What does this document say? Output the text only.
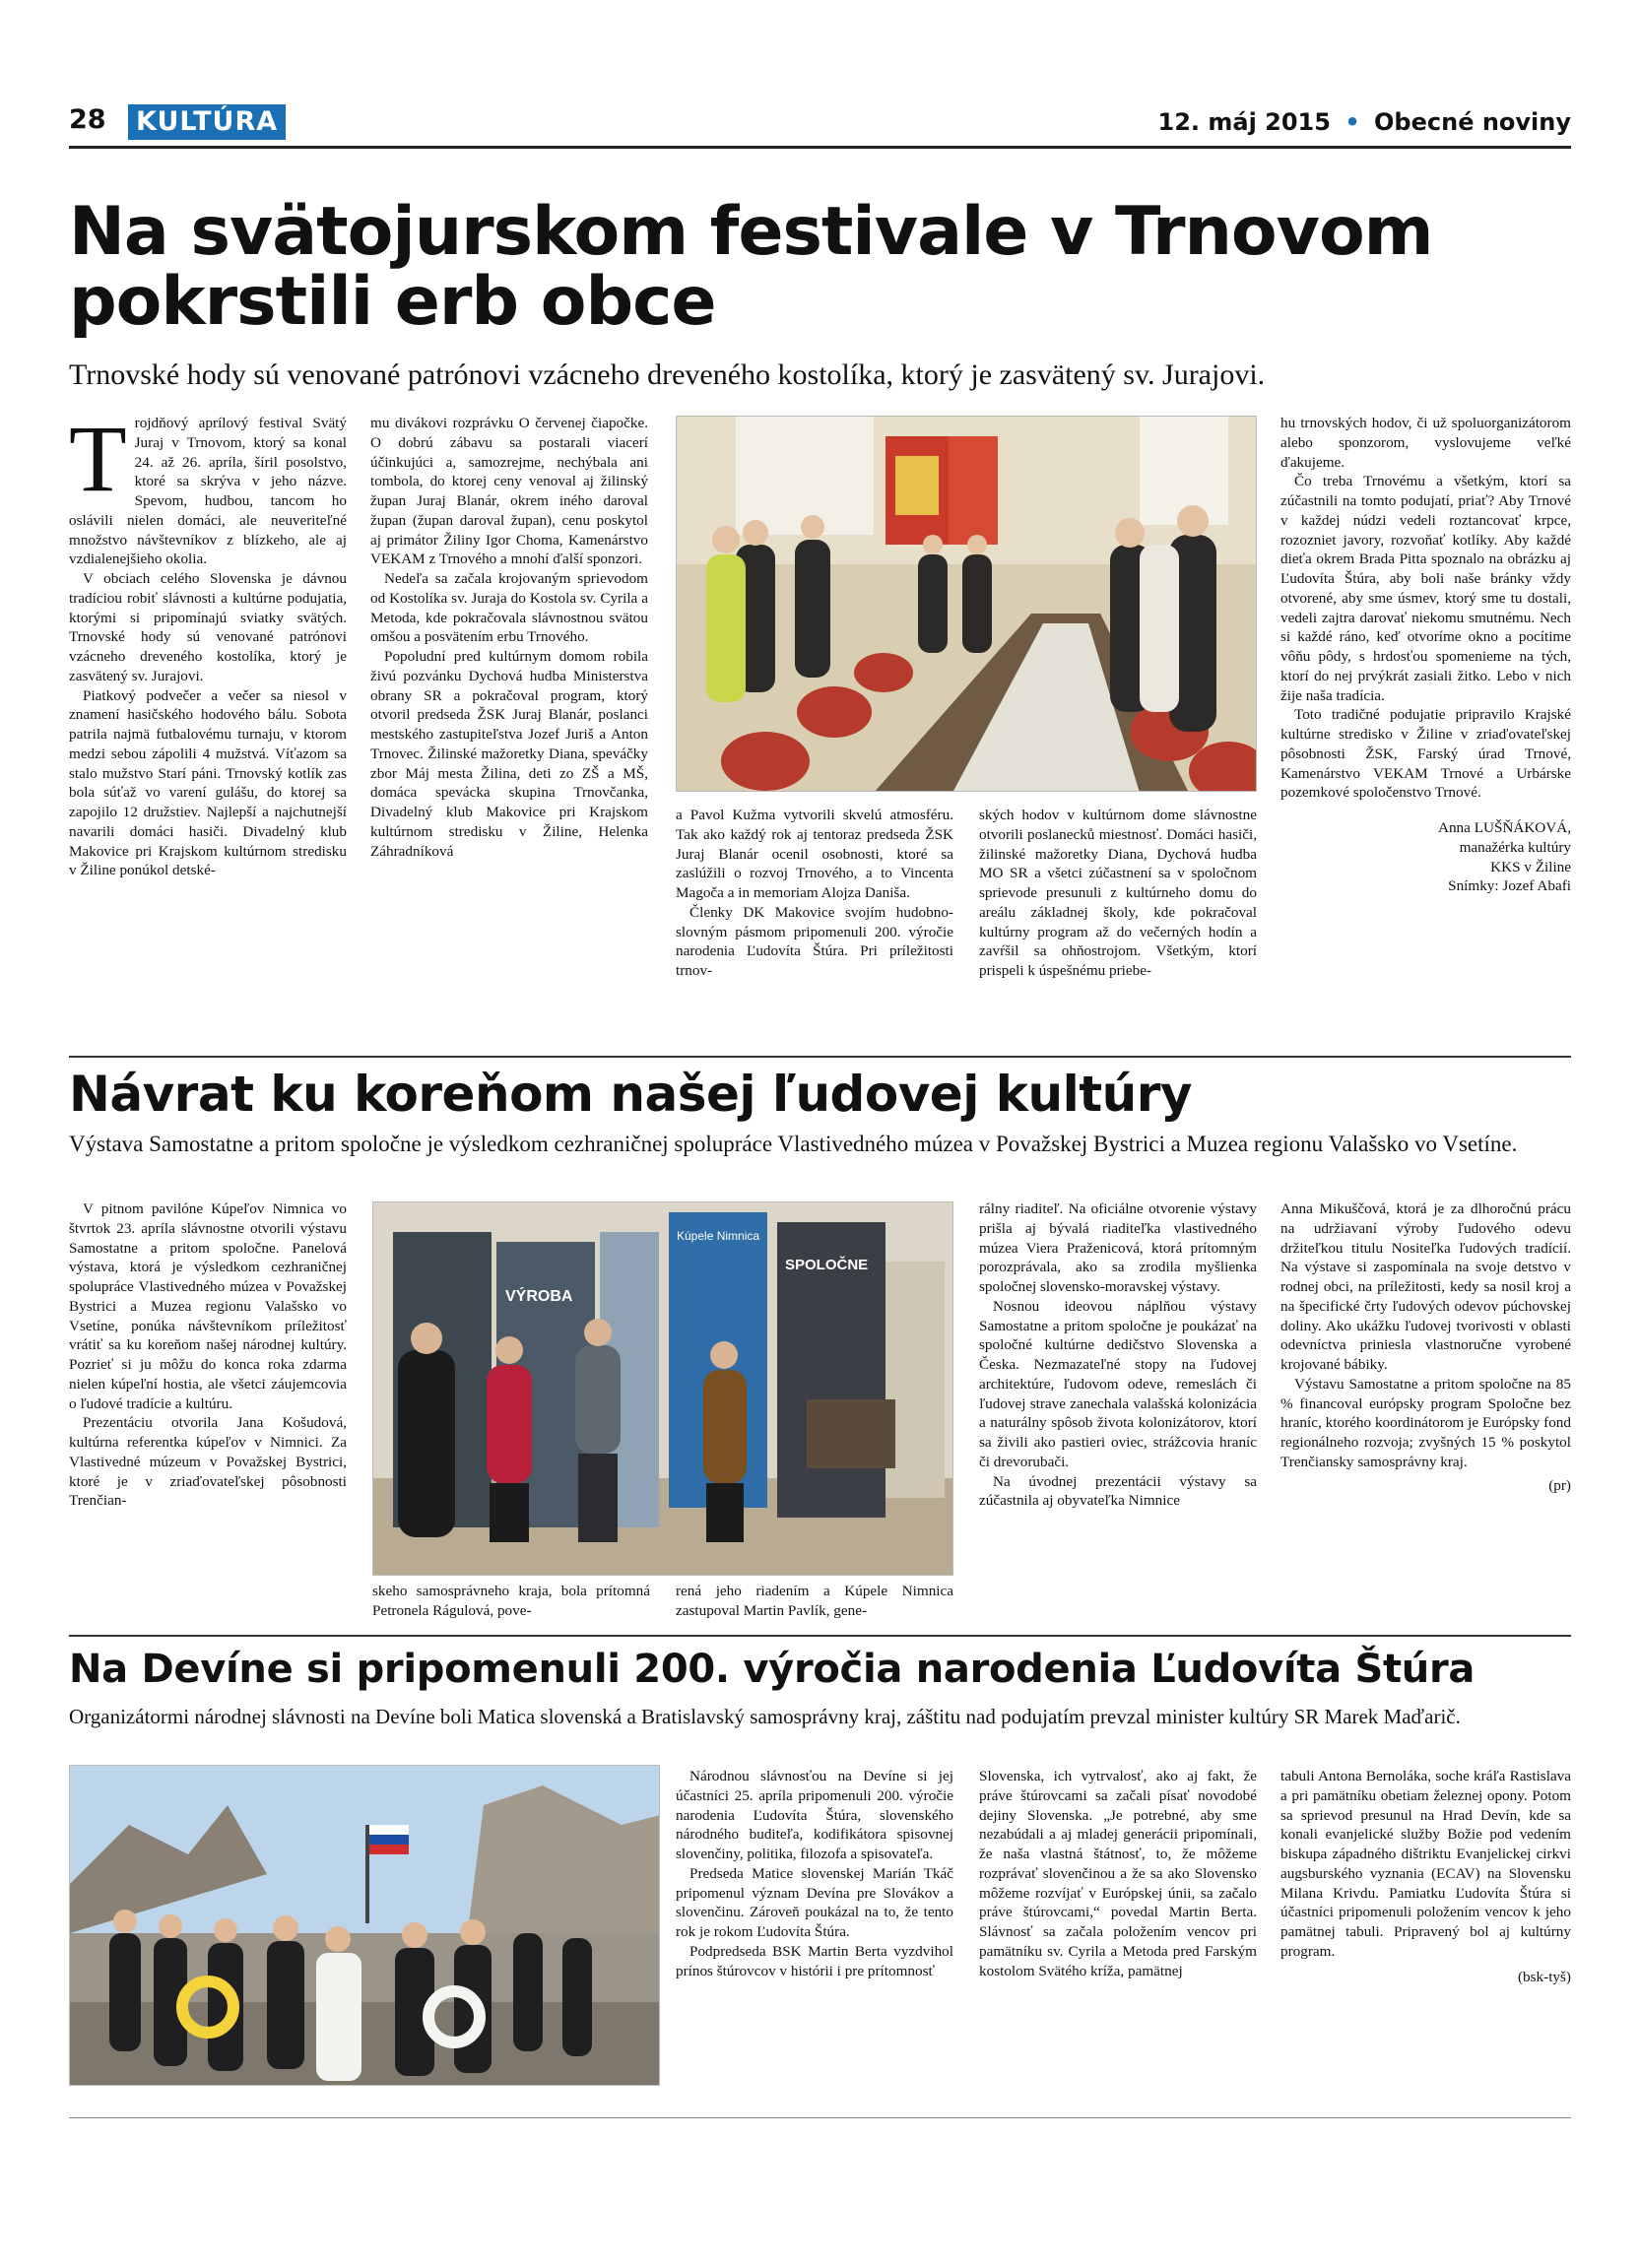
28 KULTÚRA	12. máj 2015 • Obecné noviny
Na svätojurskom festivale v Trnovom
pokrstili erb obce
Trnovské hody sú venované patrónovi vzácneho dreveného kostolíka, ktorý je zasvätený sv. Jurajovi.
T rojdňový aprílový festival Svätý Juraj v Trnovom, ktorý sa konal 24. až 26. apríla, šíril posolstvo, ktoré sa skrýva v jeho názve. Spevom, hudbou, tancom ho oslávili nielen domáci, ale neuveriteľné množstvo návštevníkov z blízkeho, ale aj vzdialenejšieho okolia.

V obciach celého Slovenska je dávnou tradíciou robiť slávnosti a kultúrne podujatia, ktorými si pripomínajú sviatky svätých. Trnovské hody sú venované patrónovi vzácneho dreveného kostolíka, ktorý je zasvätený sv. Jurajovi.

Piatkový podvečer a večer sa niesol v znamení hasičského hodového bálu. Sobota patrila najmä futbalovému turnaju, v ktorom medzi sebou zápolili 4 mužstvá. Víťazom sa stalo mužstvo Starí páni. Trnovský kotlík zas bola súťaž vo varení gulášu, do ktorej sa zapojilo 12 družstiev. Najlepší a najchutnejší navarili domáci hasiči. Divadelný klub Makovice pri Krajskom kultúrnom stredisku v Žiline ponúkol detské-

mu divákovi rozprávku O červenej čiapočke. O dobrú zábavu sa postarali viacerí účinkujúci a, samozrejme, nechýbala ani tombola, do ktorej ceny venoval aj žilinský župan Juraj Blanár, okrem iného daroval župan (župan daroval župan), cenu poskytol aj primátor Žiliny Igor Choma, Kamenárstvo VEKAM z Trnového a mnohí ďalší sponzori.

Nedeľa sa začala krojovaným sprievodom od Kostolíka sv. Juraja do Kostola sv. Cyrila a Metoda, kde pokračovala slávnostnou svätou omšou a posvätením erbu Trnového.

Popoludní pred kultúrnym domom robila živú pozvánku Dychová hudba Ministerstva obrany SR a pokračoval program, ktorý otvoril predseda ŽSK Juraj Blanár, poslanci mestského zastupiteľstva Jozef Juriš a Anton Trnovec. Žilinské mažoretky Diana, speváčky zbor Máj mesta Žilina, deti zo ZŠ a MŠ, domáca spevácka skupina Trnovčanka, Divadelný klub Makovice pri Krajskom kultúrnom stredisku v Žiline, Helenka Záhradníková

a Pavol Kužma vytvorili skvelú atmosféru. Tak ako každý rok aj tentoraz predseda ŽSK Juraj Blanár ocenil osobnosti, ktoré sa zaslúžili o rozvoj Trnového, a to Vincenta Magoča a in memoriam Alojza Danišа.

Členky DK Makovice svojím hudobno-slovným pásmom pripomenuli 200. výročie narodenia Ľudovíta Štúra. Pri príležitosti trnov-

ských hodov v kultúrnom dome slávnostne otvorili poslanecků miestnosť. Domáci hasiči, žilinské mažoretky Diana, Dychová hudba MO SR a všetci zúčastnení sa v spoločnom sprievode presunuli z kultúrneho domu do areálu základnej školy, kde pokračoval kultúrny program až do večerných hodín a zavŕšil sa ohňostrojom. Všetkým, ktorí prispeli k úspešnému priebe-

hu trnovských hodov, či už spoluorganizátorom alebo sponzorom, vyslovujeme veľké ďakujeme.

Čo treba Trnovému a všetkým, ktorí sa zúčastnili na tomto podujatí, priať? Aby Trnové v každej núdzi vedeli roztancovať krpce, rozozniet javory, rozvoňať kotlíky. Aby každé dieťa okrem Brada Pitta spoznalo na obrázku aj Ľudovíta Štúra, aby boli naše bránky vždy otvorené, aby sme úsmev, ktorý sme tu dostali, vedeli zajtra darovať niekomu smutnému. Nech si každé ráno, keď otvoríme okno a pocítime vôňu pôdy, s hrdosťou spomenieme na tých, ktorí do nej prvýkrát zasiali žitko. Lebo v nich žije naša tradícia.

Toto tradičné podujatie pripravilo Krajské kultúrne stredisko v Žiline v zriaďovateľskej pôsobnosti ŽSK, Farský úrad Trnové, Kamenárstvo VEKAM Trnové a Urbárske pozemkové spoločenstvo Trnové.

Anna LUŠŇÁKOVÁ,

manažérka kultúry

KKS v Žiline

Snímky: Jozef Abafi

Návrat ku koreňom našej ľudovej kultúry
Výstava Samostatne a pritom spoločne je výsledkom cezhraničnej spolupráce Vlastivedného múzea v Považskej Bystrici a Muzea regionu Valašsko vo Vsetíne.

V pitnom pavilóne Kúpeľov Nimnica vo štvrtok 23. apríla slávnostne otvorili výstavu Samostatne a pritom spoločne. Panelová výstava, ktorá je výsledkom cezhraničnej spolupráce Vlastivedného múzea v Považskej Bystrici a Muzea regionu Valašsko vo Vsetíne, ponúka návštevníkom príležitosť vrátiť sa ku koreňom našej národnej kultúry. Pozrieť si ju môžu do konca roka zdarma nielen kúpeľní hostia, ale všetci záujemcovia o ľudové tradície a kultúru.

Prezentáciu otvorila Jana Košudová, kultúrna referentka kúpeľov v Nimnici. Za Vlastivedné múzeum v Považskej Bystrici, ktoré je v zriaďovateľskej pôsobnosti Trenčian-

Kúpele Nimnica
SPOLOČNE
VÝROBA

skeho samosprávneho kraja, bola prítomná Petronela Rágulová, pove-

rená jeho riadením a Kúpele Nimnica zastupoval Martin Pavlík, gene-

rálny riaditeľ. Na oficiálne otvorenie výstavy prišla aj bývalá riaditeľka vlastivedného múzea Viera Praženicová, ktorá prítomným porozprávala, ako sa zrodila myšlienka spoločnej slovensko-moravskej výstavy.

Nosnou ideovou náplňou výstavy Samostatne a pritom spoločne je poukázať na spoločné kultúrne dedičstvo Slovenska a Česka. Nezmazateľné stopy na ľudovej architektúre, ľudovom odeve, remeslách či ľudovej strave zanechala valašská kolonizácia a naturálny spôsob života kolonizátorov, ktorí sa živili ako pastieri oviec, strážcovia hraníc či drevorubači.

Na úvodnej prezentácii výstavy sa zúčastnila aj obyvateľka Nimnice

Anna Mikuščová, ktorá je za dlhoročnú prácu na udržiavaní výroby ľudového odevu držiteľkou titulu Nositeľka ľudových tradícií. Na výstave si zaspomínala na svoje detstvo v rodnej obci, na príležitosti, kedy sa nosil kroj a na špecifické črty ľudových odevov púchovskej doliny. Ako ukážku ľudovej tvorivosti v oblasti odevníctva priniesla vlastnoručne vyrobené krojované bábiky.

Výstavu Samostatne a pritom spoločne na 85 % financoval európsky program Spoločne bez hraníc, ktorého koordinátorom je Európsky fond regionálneho rozvoja; zvyšných 15 % poskytol Trenčiansky samosprávny kraj.

(pr)

Na Devíne si pripomenuli 200. výročia narodenia Ľudovíta Štúra
Organizátormi národnej slávnosti na Devíne boli Matica slovenská a Bratislavský samosprávny kraj, záštitu nad podujatím prevzal minister kultúry SR Marek Maďarič.

Národnou slávnosťou na Devíne si jej účastníci 25. apríla pripomenuli 200. výročie narodenia Ľudovíta Štúra, slovenského národného buditeľa, kodifikátora spisovnej slovenčiny, politika, filozofa a spisovateľa.

Predseda Matice slovenskej Marián Tkáč pripomenul význam Devína pre Slovákov a slovenčinu. Zároveň poukázal na to, že tento rok je rokom Ľudovíta Štúra.

Podpredseda BSK Martin Berta vyzdvihol prínos štúrovcov v histórii i pre prítomnosť

Slovenska, ich vytrvalosť, ako aj fakt, že práve štúrovcami sa začali písať novodobé dejiny Slovenska. „Je potrebné, aby sme nezabúdali a aj mladej generácii pripomínali, že naša vlastná štátnosť, to, že môžeme rozprávať slovenčinou a že sa ako Slovensko môžeme rozvíjať v Európskej únii, sa začalo práve štúrovcami,“ povedal Martin Berta. Slávnosť sa začala položením vencov pri pamätníku sv. Cyrila a Metoda pred Farským kostolom Svätého kríža, pamätnej

tabuli Antona Bernoláka, soche kráľa Rastislava a pri pamätníku obetiam železnej opony. Potom sa sprievod presunul na Hrad Devín, kde sa konali evanjelické služby Božie pod vedením biskupa západného dištriktu Evanjelickej cirkvi augsburského vyznania (ECAV) na Slovensku Milana Krivdu. Pamiatku Ľudovíta Štúra si účastníci pripomenuli položením vencov k jeho pamätnej tabuli. Pripravený bol aj kultúrny program.

(bsk-tyš)
